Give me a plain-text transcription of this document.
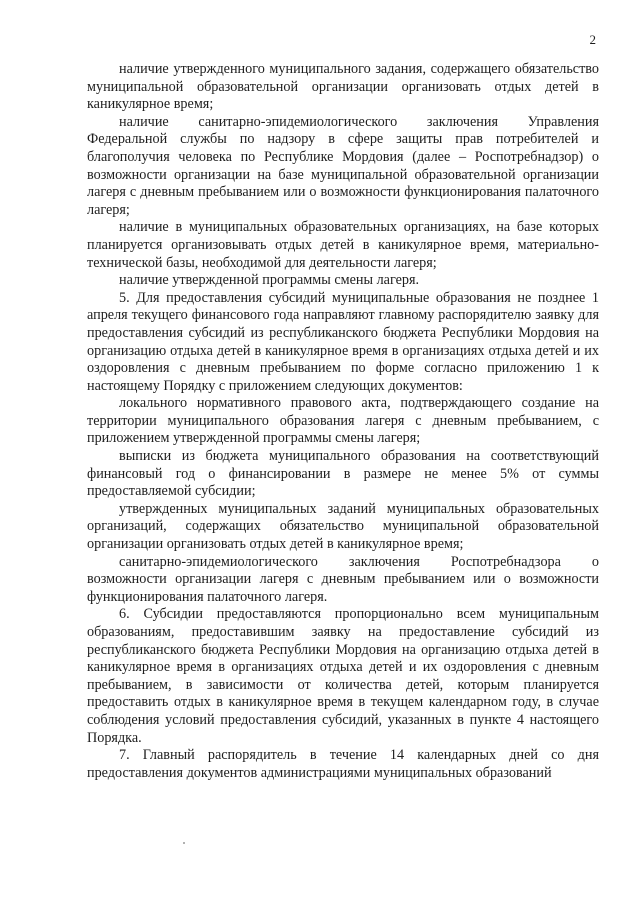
2

наличие утвержденного муниципального задания, содержащего обязательство муниципальной образовательной организации организовать отдых детей в каникулярное время;

наличие санитарно-эпидемиологического заключения Управления Федеральной службы по надзору в сфере защиты прав потребителей и благополучия человека по Республике Мордовия (далее – Роспотребнадзор) о возможности организации на базе муниципальной образовательной организации лагеря с дневным пребыванием или о возможности функционирования палаточного лагеря;

наличие в муниципальных образовательных организациях, на базе которых планируется организовывать отдых детей в каникулярное время, материально-технической базы, необходимой для деятельности лагеря;

наличие утвержденной программы смены лагеря.

5. Для предоставления субсидий муниципальные образования не позднее 1 апреля текущего финансового года направляют главному распорядителю заявку для предоставления субсидий из республиканского бюджета Республики Мордовия на организацию отдыха детей в каникулярное время в организациях отдыха детей и их оздоровления с дневным пребыванием по форме согласно приложению 1 к настоящему Порядку с приложением следующих документов:

локального нормативного правового акта, подтверждающего создание на территории муниципального образования лагеря с дневным пребыванием, с приложением утвержденной программы смены лагеря;

выписки из бюджета муниципального образования на соответствующий финансовый год о финансировании в размере не менее 5% от суммы предоставляемой субсидии;

утвержденных муниципальных заданий муниципальных образовательных организаций, содержащих обязательство муниципальной образовательной организации организовать отдых детей в каникулярное время;

санитарно-эпидемиологического заключения Роспотребнадзора о возможности организации лагеря с дневным пребыванием или о возможности функционирования палаточного лагеря.

6. Субсидии предоставляются пропорционально всем муниципальным образованиям, предоставившим заявку на предоставление субсидий из республиканского бюджета Республики Мордовия на организацию отдыха детей в каникулярное время в организациях отдыха детей и их оздоровления с дневным пребыванием, в зависимости от количества детей, которым планируется предоставить отдых в каникулярное время в текущем календарном году, в случае соблюдения условий предоставления субсидий, указанных в пункте 4 настоящего Порядка.

7. Главный распорядитель в течение 14 календарных дней со дня предоставления документов администрациями муниципальных образований
